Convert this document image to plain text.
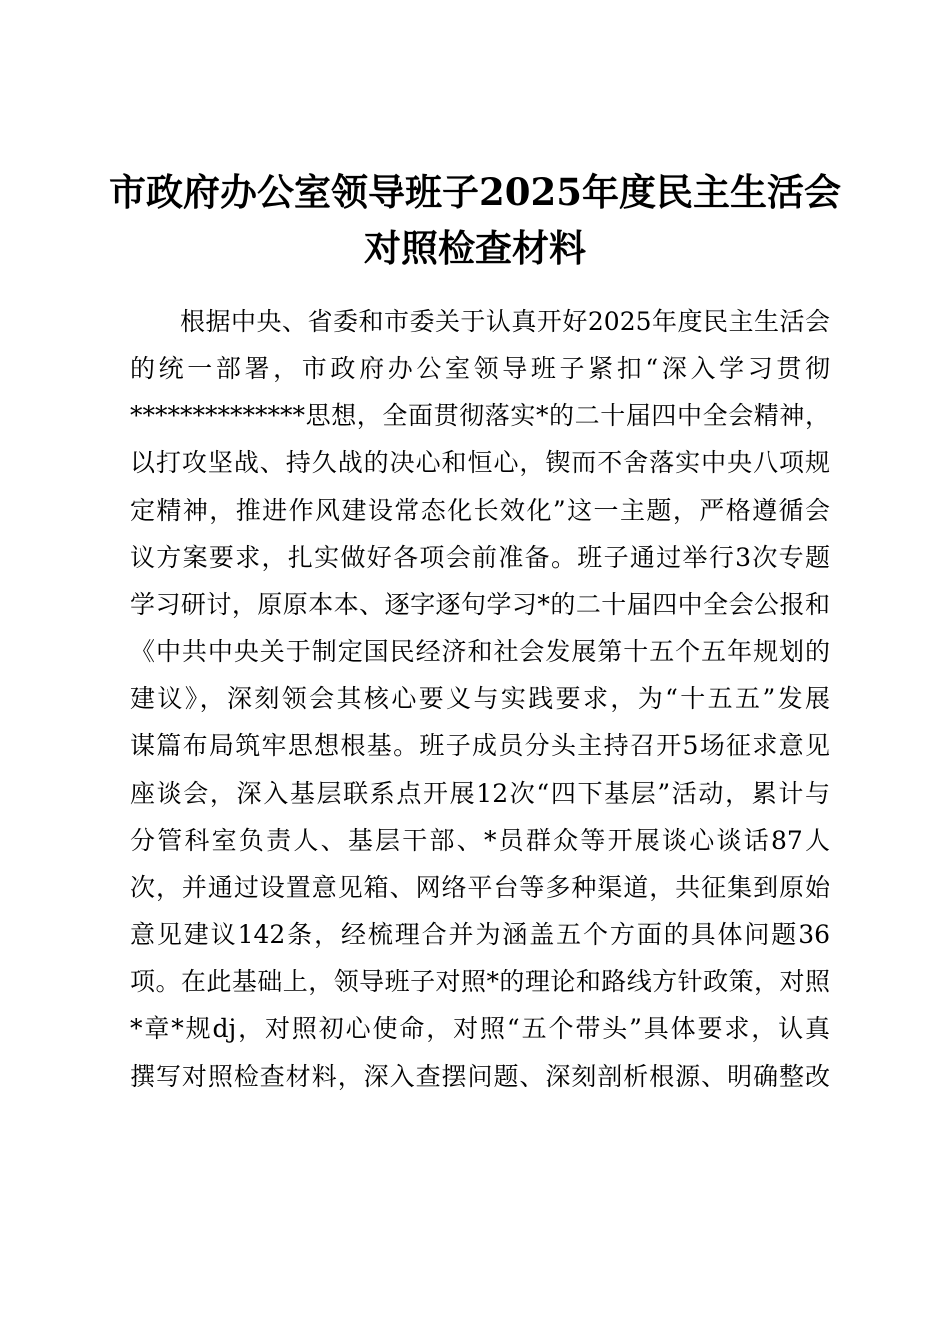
市政府办公室领导班子2025年度民主生活会
对照检查材料
根据中央、省委和市委关于认真开好2025年度民主生活会
的统一部署，市政府办公室领导班子紧扣“深入学习贯彻
**************思想，全面贯彻落实*的二十届四中全会精神，
以打攻坚战、持久战的决心和恒心，锲而不舍落实中央八项规
定精神，推进作风建设常态化长效化”这一主题，严格遵循会
议方案要求，扎实做好各项会前准备。班子通过举行3次专题
学习研讨，原原本本、逐字逐句学习*的二十届四中全会公报和
《中共中央关于制定国民经济和社会发展第十五个五年规划的
建议》，深刻领会其核心要义与实践要求，为“十五五”发展
谋篇布局筑牢思想根基。班子成员分头主持召开5场征求意见
座谈会，深入基层联系点开展12次“四下基层”活动，累计与
分管科室负责人、基层干部、*员群众等开展谈心谈话87人
次，并通过设置意见箱、网络平台等多种渠道，共征集到原始
意见建议142条，经梳理合并为涵盖五个方面的具体问题36
项。在此基础上，领导班子对照*的理论和路线方针政策，对照
*章*规dj，对照初心使命，对照“五个带头”具体要求，认真
撰写对照检查材料，深入查摆问题、深刻剖析根源、明确整改
